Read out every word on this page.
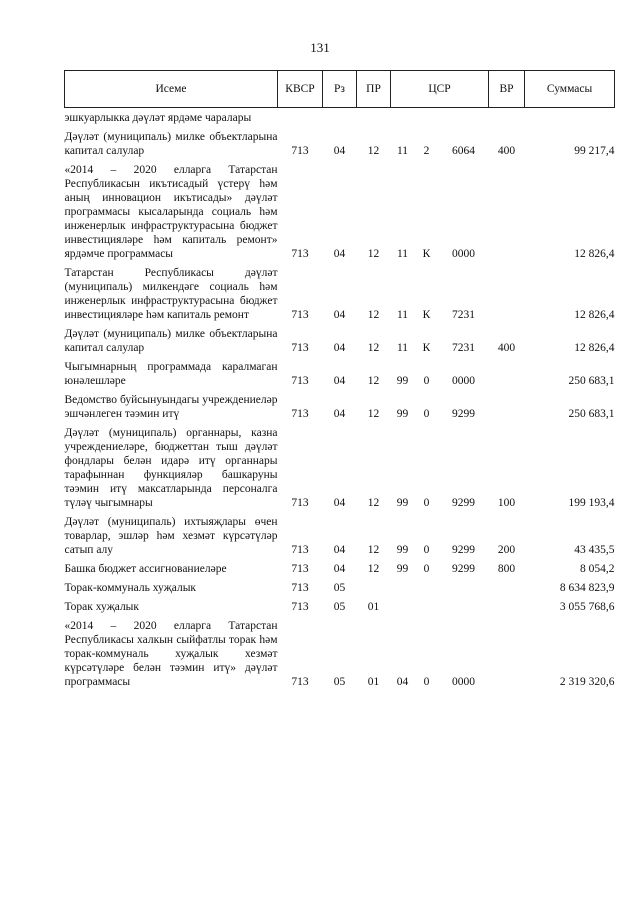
131
Исеме	КВСР	Рз	ПР	ЦСР			ВР	Суммасы
эшкуарлыкка дәүләт ярдәме чаралары								
Дәүләт (муниципаль) милке объектларына капитал салулар	713	04	12	11	2	6064	400	99 217,4
«2014 – 2020 елларга Татарстан Республикасын икътисадый үстерү һәм аның инновацион икътисады» дәүләт программасы кысаларында социаль һәм инженерлык инфраструктурасына бюджет инвестицияләре һәм капиталь ремонт» ярдәмче программасы	713	04	12	11	К	0000		12 826,4
Татарстан Республикасы дәүләт (муниципаль) милкендәге социаль һәм инженерлык инфраструктурасына бюджет инвестицияләре һәм капиталь ремонт	713	04	12	11	К	7231		12 826,4
Дәүләт (муниципаль) милке объектларына капитал салулар	713	04	12	11	К	7231	400	12 826,4
Чыгымнарның программада каралмаган юнәлешләре	713	04	12	99	0	0000		250 683,1
Ведомство буйсынуындагы учреждениеләр эшчәнлеген тәэмин итү	713	04	12	99	0	9299		250 683,1
Дәүләт (муниципаль) органнары, казна учреждениеләре, бюджеттан тыш дәүләт фондлары белән идарә итү органнары тарафыннан функцияләр башкаруны тәэмин итү максатларында персоналга түләү чыгымнары	713	04	12	99	0	9299	100	199 193,4
Дәүләт (муниципаль) ихтыяҗлары өчен товарлар, эшләр һәм хезмәт күрсәтүләр сатып алу	713	04	12	99	0	9299	200	43 435,5
Башка бюджет ассигнованиеләре	713	04	12	99	0	9299	800	8 054,2
Торак-коммуналь хуҗалык	713	05						8 634 823,9
Торак хуҗалык	713	05	01					3 055 768,6
«2014 – 2020 елларга Татарстан Республикасы халкын сыйфатлы торак һәм торак-коммуналь хуҗалык хезмәт күрсәтүләре белән тәэмин итү» дәүләт программасы	713	05	01	04	0	0000		2 319 320,6
